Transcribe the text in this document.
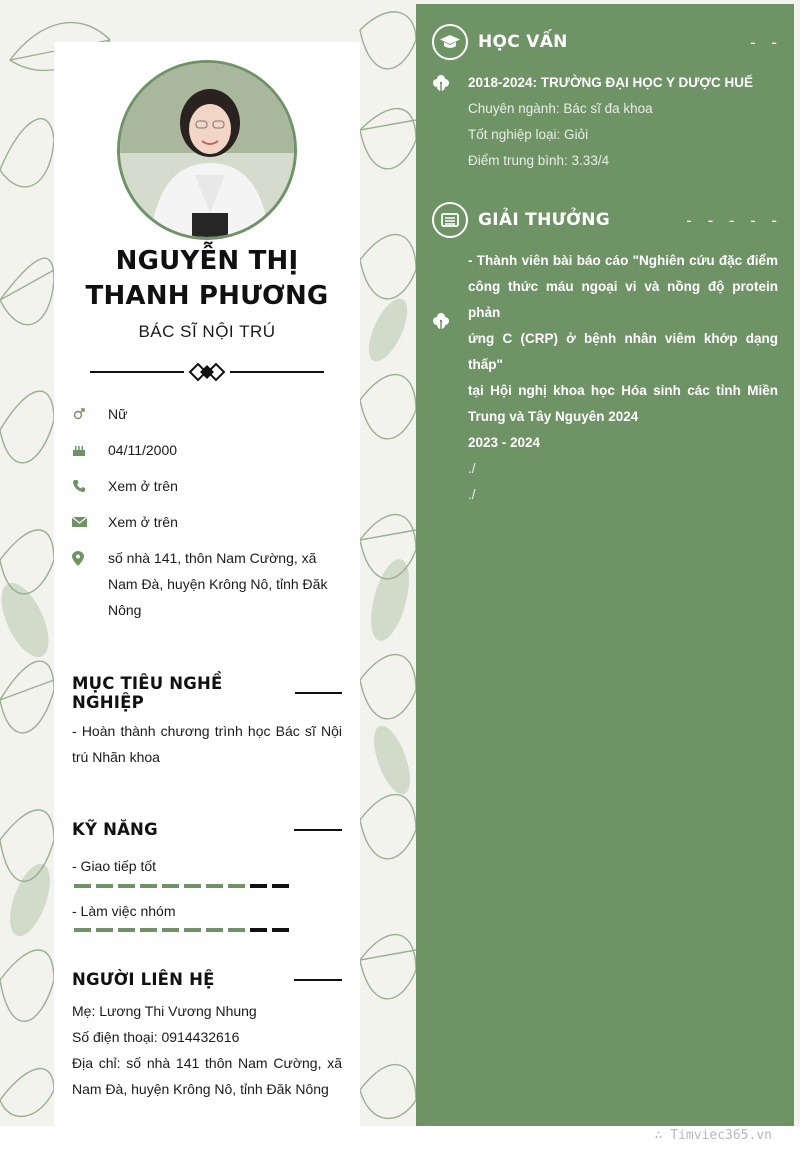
NGUYỄN THỊ
THANH PHƯƠNG
BÁC SĨ NỘI TRÚ
Nữ
04/11/2000
Xem ở trên
Xem ở trên
số nhà 141, thôn Nam Cường, xã
Nam Đà, huyện Krông Nô, tỉnh Đăk
Nông
MỤC TIÊU NGHỀ NGHIỆP
- Hoàn thành chương trình học Bác sĩ Nội
trú Nhãn khoa
KỸ NĂNG
- Giao tiếp tốt
- Làm việc nhóm
NGƯỜI LIÊN HỆ
Mẹ: Lương Thi Vương Nhung
Số điện thoại: 0914432616
Địa chỉ: số nhà 141 thôn Nam Cường, xã
Nam Đà, huyện Krông Nô, tỉnh Đăk Nông
HỌC VẤN	- -
2018-2024: TRƯỜNG ĐẠI HỌC Y DƯỢC HUẾ
Chuyên ngành: Bác sĩ đa khoa
Tốt nghiệp loại: Giỏi
Điểm trung bình: 3.33/4
GIẢI THƯỞNG	- - - - -
- Thành viên bài báo cáo "Nghiên cứu đặc điểm
công thức máu ngoại vi và nồng độ protein phản
ứng C (CRP) ở bệnh nhân viêm khớp dạng thấp"
tại Hội nghị khoa học Hóa sinh các tỉnh Miền
Trung và Tây Nguyên 2024
2023 - 2024
./
./
∴ Timviec365.vn
